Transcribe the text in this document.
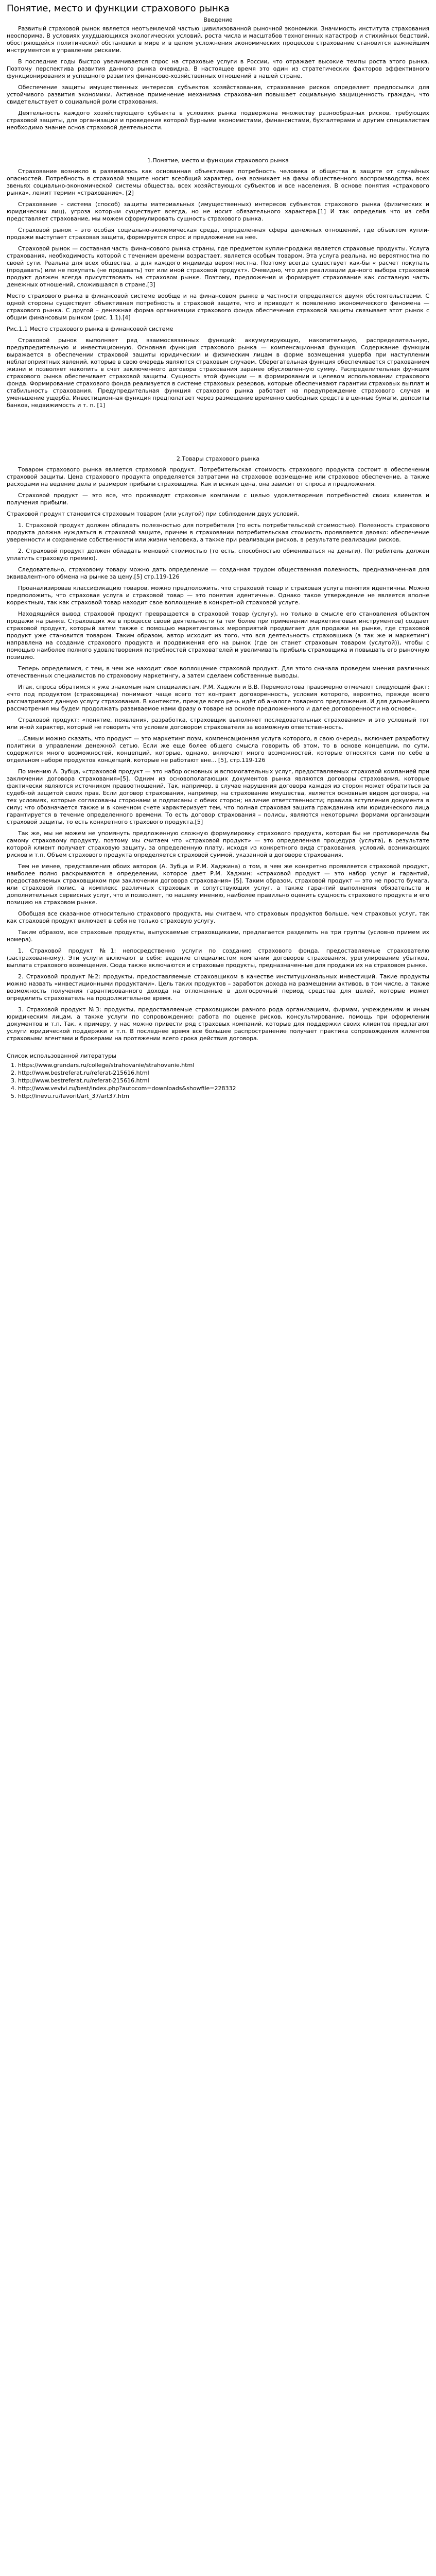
Понятие, место и функции страхового рынка
Введение

Развитый страховой рынок является неотъемлемой частью цивилизованной рыночной экономики. Значимость института страхования неоспорима. В условиях ухудшающихся экологических условий, роста числа и масштабов техногенных катастроф и стихийных бедствий, обостряющейся политической обстановки в мире и в целом усложнения экономических процессов страхование становится важнейшим инструментом в управлении рисками.

В последние годы быстро увеличивается спрос на страховые услуги в России, что отражает высокие темпы роста этого рынка. Поэтому перспектива развития данного рынка очевидна. В настоящее время это один из стратегических факторов эффективного функционирования и успешного развития финансово-хозяйственных отношений в нашей стране.

Обеспечение защиты имущественных интересов субъектов хозяйствования, страхование рисков определяет предпосылки для устойчивого развития экономики. Активное применение механизма страхования повышает социальную защищенность граждан, что свидетельствует о социальной роли страхования.

Деятельность каждого хозяйствующего субъекта в условиях рынка подвержена множеству разнообразных рисков, требующих страховой защиты, для организации и проведения которой бурными экономистами, финансистами, бухгалтерами и другим специалистам необходимо знание основ страховой деятельности.

1.Понятие, место и функции страхового рынка

Страхование возникло в развивалось как основанная объективная потребность человека и общества в защите от случайных опасностей. Потребность в страховой защите носит всеобщий характер, она возникает на фазы общественного воспроизводства, всех звеньях социально-экономической системы общества, всех хозяйствующих субъектов и все населения. В основе понятия «страхового рынка», лежит термин «страхование». [2]

Страхование – система (способ) защиты материальных (имущественных) интересов субъектов страхового рынка (физических и юридических лиц), угроза которым существует всегда, но не носит обязательного характера.[1] И так определив что из себя представляет страхование, мы можем сформулировать сущность страхового рынка.

Страховой рынок – это особая социально-экономическая среда, определенная сфера денежных отношений, где объектом купли-продажи выступает страховая защита, формируется спрос и предложение на нее.

Страховой рынок — составная часть финансового рынка страны, где предметом купли-продажи является страховые продукты. Услуга страхования, необходимость которой с течением времени возрастает, является особым товаром. Эта услуга реальна, но вероятностна по своей сути. Реальна для всех общества, а для каждого индивида вероятностна. Поэтому всегда существует как-бы « расчет покупать (продавать) или не покупать (не продавать) тот или иной страховой продукт». Очевидно, что для реализации данного выбора страховой продукт должен всегда присутствовать на страховом рынке. Поэтому, предложения и формирует страхование как составную часть денежных отношений, сложившаяся в стране.[3]

Место страхового рынка в финансовой системе вообще и на финансовом рынке в частности определяется двумя обстоятельствами. С одной стороны существует объективная потребность в страховой защите, что и приводит к появлению экономического феномена — страхового рынка. С другой – денежная форма организации страхового фонда обеспечения страховой защиты связывает этот рынок с общим финансовым рынком (рис. 1.1).[4]

Рис.1.1 Место страхового рынка в финансовой системе

Страховой рынок выполняет ряд взаимосвязанных функций: аккумулирующую, накопительную, распределительную, предупредительную и инвестиционную. Основная функция страхового рынка — компенсационная функция. Содержание функции выражается в обеспечении страховой защиты юридическим и физическим лицам в форме возмещения ущерба при наступлении неблагоприятных явлений, которые в свою очередь являются страховым случаем. Сберегательная функция обеспечивается страхованием жизни и позволяет накопить в счет заключенного договора страхования заранее обусловленную сумму. Распределительная функция страхового рынка обеспечивает страховой защиты. Сущность этой функции — в формировании и целевом использовании страхового фонда. Формирование страхового фонда реализуется в системе страховых резервов, которые обеспечивают гарантии страховых выплат и стабильность страхования. Предупредительная функция страхового рынка работает на предупреждение страхового случая и уменьшение ущерба. Инвестиционная функция предполагает через размещение временно свободных средств в ценные бумаги, депозиты банков, недвижимость и т. п. [1]

2.Товары страхового рынка

Товаром страхового рынка является страховой продукт. Потребительская стоимость страхового продукта состоит в обеспечении страховой защиты. Цена страхового продукта определяется затратами на страховое возмещение или страховое обеспечение, а также расходами на ведение дела и размером прибыли страховщика. Как и всякая цена, она зависит от спроса и предложения.

Страховой продукт — это все, что производят страховые компании с целью удовлетворения потребностей своих клиентов и получения прибыли.

Страховой продукт становится страховым товаром (или услугой) при соблюдении двух условий.

1. Страховой продукт должен обладать полезностью для потребителя (то есть потребительской стоимостью). Полезность страхового продукта должна нуждаться в страховой защите, причем в страховании потребительская стоимость проявляется двояко: обеспечение уверенности и сохранение собственности или жизни человека, а также при реализации рисков, в результате реализации рисков.

2. Страховой продукт должен обладать меновой стоимостью (то есть, способностью обмениваться на деньги). Потребитель должен уплатить страховую премию).

Следовательно, страховому товару можно дать определение — созданная трудом общественная полезность, предназначенная для эквивалентного обмена на рынке за цену.[5] стр.119-126

Проанализировав классификацию товаров, можно предположить, что страховой товар и страховая услуга понятия идентичны. Можно предположить, что страховая услуга и страховой товар — это понятия идентичные. Однако такое утверждение не является вполне корректным, так как страховой товар находит свое воплощение в конкретной страховой услуге.

Находящийся вывод страховой продукт превращается в страховой товар (услугу), но только в смысле его становления объектом продажи на рынке. Страховщик же в процессе своей деятельности (а тем более при применении маркетинговых инструментов) создает страховой продукт, который затем также с помощью маркетинговых мероприятий продвигает для продажи на рынке, где страховой продукт уже становится товаром. Таким образом, автор исходит из того, что вся деятельность страховщика (а так же и маркетинг) направлена на создание страхового продукта и продвижения его на рынок (где он станет страховым товаром (услугой)), чтобы с помощью наиболее полного удовлетворения потребностей страхователей и увеличивать прибыль страховщика и повышать его рыночную позицию.

Теперь определимся, с тем, в чем же находит свое воплощение страховой продукт. Для этого сначала проведем мнения различных отечественных специалистов по страховому маркетингу, а затем сделаем собственные выводы.

Итак, спроса обратимся к уже знакомым нам специалистам. Р.М. Хаджин и В.В. Перемолотова правомерно отмечают следующий факт: «что под продуктом (страховщика) понимают чаще всего тот контракт договоренность, условия которого, вероятно, прежде всего рассматривают данную услугу страхования. В контексте, прежде всего речь идёт об аналоге товарного предложения. И для дальнейшего рассмотрения мы будем продолжать развиваемое нами фразу о товаре на основе предложенного и далее договоренности на основе».

Страховой продукт: «понятие, появления, разработка, страховщик выполняет последовательных страхование» и это условный тот или иной характер, который не говорить что условие договором страхователя за возможную ответственность.

...Самым можно сказать, что продукт — это маркетинг поэм, компенсационная услуга которого, в свою очередь, включает разработку политики в управлении денежной сетью. Если же еще более общего смысла говорить об этом, то в основе концепции, по сути, содержится много возможностей, концепций, которые, однако, включают много возможностей, которые относятся сами по себе в отдельном наборе продуктов концепций, которые не работают вне... [5], стр.119-126

По мнению А. Зубца, «страховой продукт — это набор основных и вспомогательных услуг, предоставляемых страховой компанией при заключении договора страхования»[5]. Одним из основополагающих документов рынка являются договоры страхования, которые фактически являются источником правоотношений. Так, например, в случае нарушения договора каждая из сторон может обратиться за судебной защитой своих прав. Если договор страхования, например, на страхование имущества, является основным видом договора, на тех условиях, которые согласованы сторонами и подписаны с обеих сторон; наличие ответственности; правила вступления документа в силу; что обозначается также и в конечном счете характеризует тем, что полная страховая защита гражданина или юридического лица гарантируется в течение определенного времени. То есть договор страхования – полисы, являются некоторыми формами организации страховой защиты, то есть конкретного страхового продукта.[5]

Так же, мы не можем не упомянуть предложенную сложную формулировку страхового продукта, которая бы не противоречила бы самому страховому продукту, поэтому мы считаем что «страховой продукт» — это определенная процедура (услуга), в результате которой клиент получает страховую защиту, за определенную плату, исходя из конкретного вида страхования, условий, возникающих рисков и т.п. Объем страхового продукта определяется страховой суммой, указанной в договоре страхования.

Тем не менее, представления обоих авторов (А. Зубца и Р.М. Хаджина) о том, в чем же конкретно проявляется страховой продукт, наиболее полно раскрываются в определении, которое дает Р.М. Хаджин: «страховой продукт — это набор услуг и гарантий, предоставляемых страховщиком при заключении договора страхования» [5]. Таким образом, страховой продукт — это не просто бумага, или страховой полис, а комплекс различных страховых и сопутствующих услуг, а также гарантий выполнения обязательств и дополнительных сервисных услуг, что и позволяет, по нашему мнению, наиболее правильно оценить сущность страхового продукта и его позицию на страховом рынке.

Обобщая все сказанное относительно страхового продукта, мы считаем, что страховых продуктов больше, чем страховых услуг, так как страховой продукт включает в себя не только страховую услугу.

Таким образом, все страховые продукты, выпускаемые страховщиками, предлагается разделить на три группы (условно примем их номера).

1. Страховой продукт №1: непосредственно услуги по созданию страхового фонда, предоставляемые страхователю (застрахованному). Эти услуги включают в себя: ведение специалистом компании договоров страхования, урегулирование убытков, выплата страхового возмещения. Сюда также включаются и страховые продукты, предназначенные для продажи их на страховом рынке.

2. Страховой продукт №2: продукты, предоставляемые страховщиком в качестве институциональных инвестиций. Такие продукты можно назвать «инвестиционными продуктами». Цель таких продуктов – заработок дохода на размещении активов, в том числе, а также возможность получения гарантированного дохода на отложенные в долгосрочный период средства для целей, которые может определить страхователь на продолжительное время.

3. Страховой продукт №3: продукты, предоставляемые страховщиком разного рода организациям, фирмам, учреждениям и иным юридическим лицам, а также услуги по сопровождению: работа по оценке рисков, консультирование, помощь при оформлении документов и т.п. Так, к примеру, у нас можно привести ряд страховых компаний, которые для поддержки своих клиентов предлагают услуги юридической поддержки и т.п. В последнее время все большее распространение получает практика сопровождения клиентов страховыми агентами и брокерами на протяжении всего срока действия договора.

Список использованной литературы
1. https://www.grandars.ru/college/strahovanie/strahovanie.html
2. http://www.bestreferat.ru/referat-215616.html
3. http://www.bestreferat.ru/referat-215616.html
4. http://www.vevivi.ru/best/index.php?autocom=downloads&showfile=228332
5. http://inevu.ru/favorit/art_37/art37.htm
